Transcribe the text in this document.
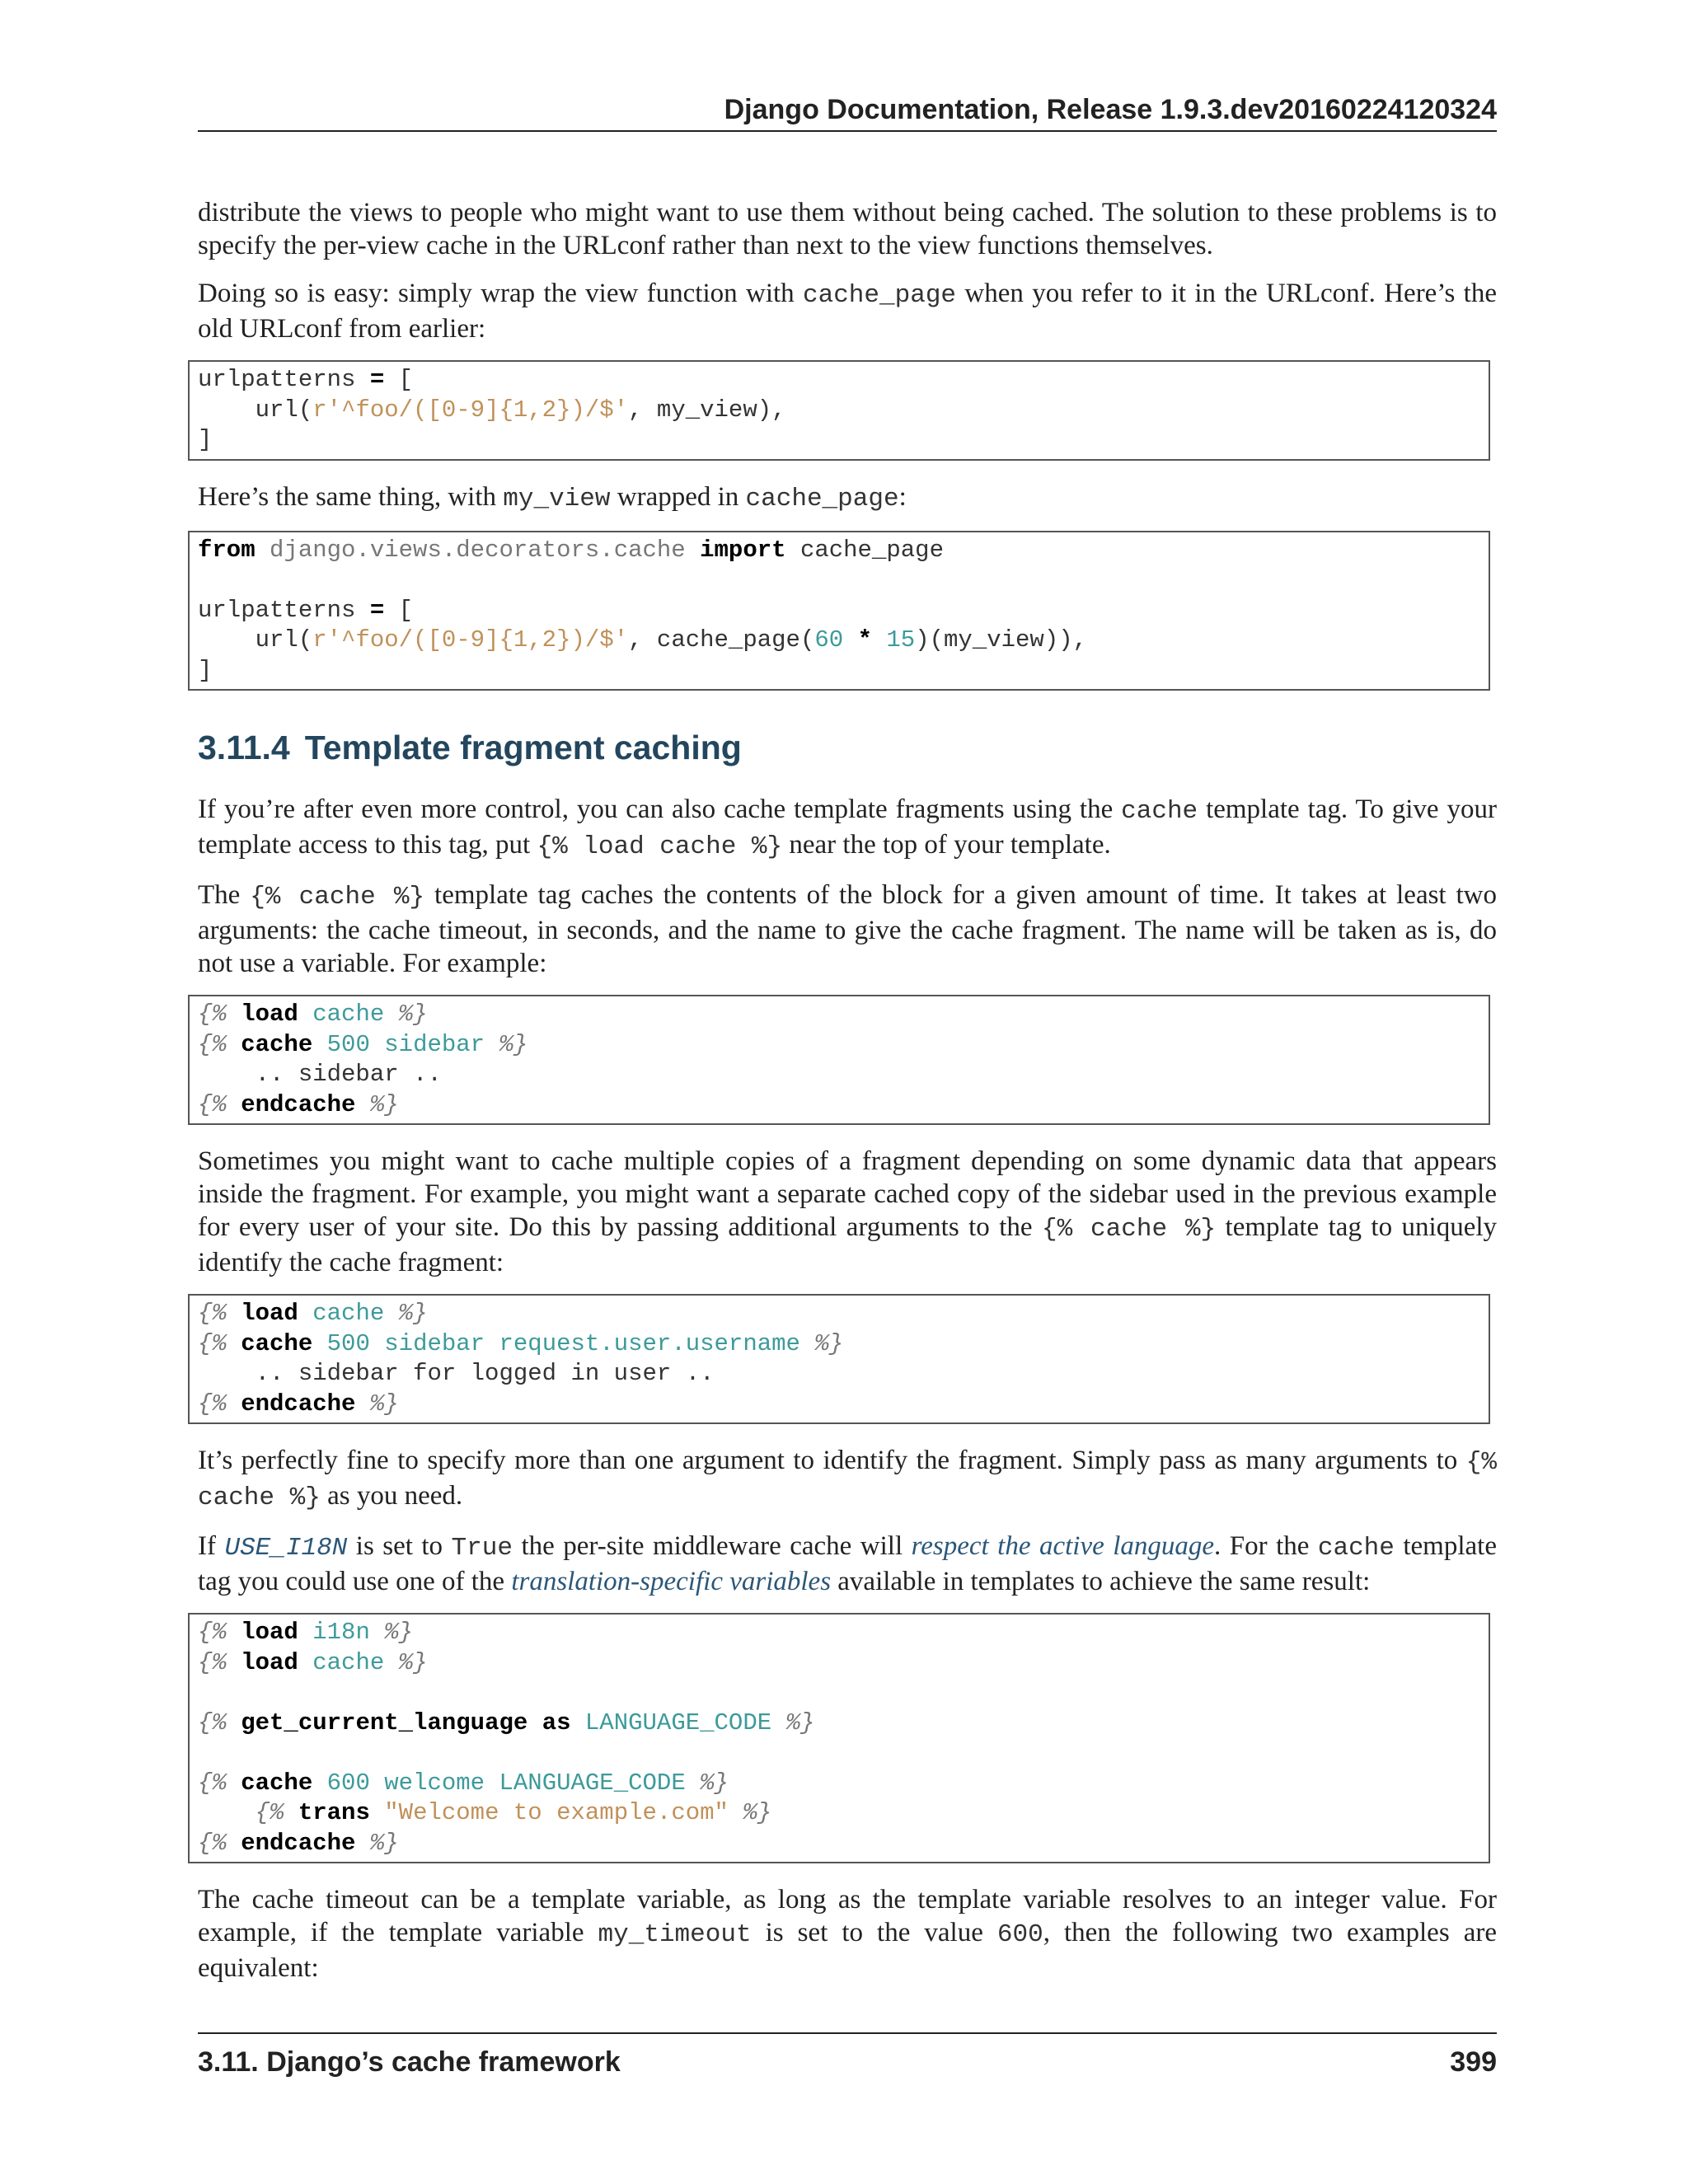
Django Documentation, Release 1.9.3.dev20160224120324

distribute the views to people who might want to use them without being cached. The solution to these problems is to specify the per-view cache in the URLconf rather than next to the view functions themselves.

Doing so is easy: simply wrap the view function with cache_page when you refer to it in the URLconf. Here’s the old URLconf from earlier:

urlpatterns = [
url(r'^foo/([0-9]{1,2})/$', my_view),
]

Here’s the same thing, with my_view wrapped in cache_page:

from django.views.decorators.cache import cache_page

urlpatterns = [
url(r'^foo/([0-9]{1,2})/$', cache_page(60 * 15)(my_view)),
]
3.11.4 Template fragment caching

If you’re after even more control, you can also cache template fragments using the cache template tag. To give your template access to this tag, put {% load cache %} near the top of your template.

The {% cache %} template tag caches the contents of the block for a given amount of time. It takes at least two arguments: the cache timeout, in seconds, and the name to give the cache fragment. The name will be taken as is, do not use a variable. For example:

{% load cache %}
{% cache 500 sidebar %}
.. sidebar ..
{% endcache %}

Sometimes you might want to cache multiple copies of a fragment depending on some dynamic data that appears inside the fragment. For example, you might want a separate cached copy of the sidebar used in the previous example for every user of your site. Do this by passing additional arguments to the {% cache %} template tag to uniquely identify the cache fragment:

{% load cache %}
{% cache 500 sidebar request.user.username %}
.. sidebar for logged in user ..
{% endcache %}

It’s perfectly fine to specify more than one argument to identify the fragment. Simply pass as many arguments to {% cache %} as you need.

If USE_I18N is set to True the per-site middleware cache will respect the active language. For the cache template tag you could use one of the translation-specific variables available in templates to achieve the same result:

{% load i18n %}
{% load cache %}

{% get_current_language as LANGUAGE_CODE %}

{% cache 600 welcome LANGUAGE_CODE %}
{% trans "Welcome to example.com" %}
{% endcache %}

The cache timeout can be a template variable, as long as the template variable resolves to an integer value. For example, if the template variable my_timeout is set to the value 600, then the following two examples are equivalent:

3.11. Django’s cache framework	399
